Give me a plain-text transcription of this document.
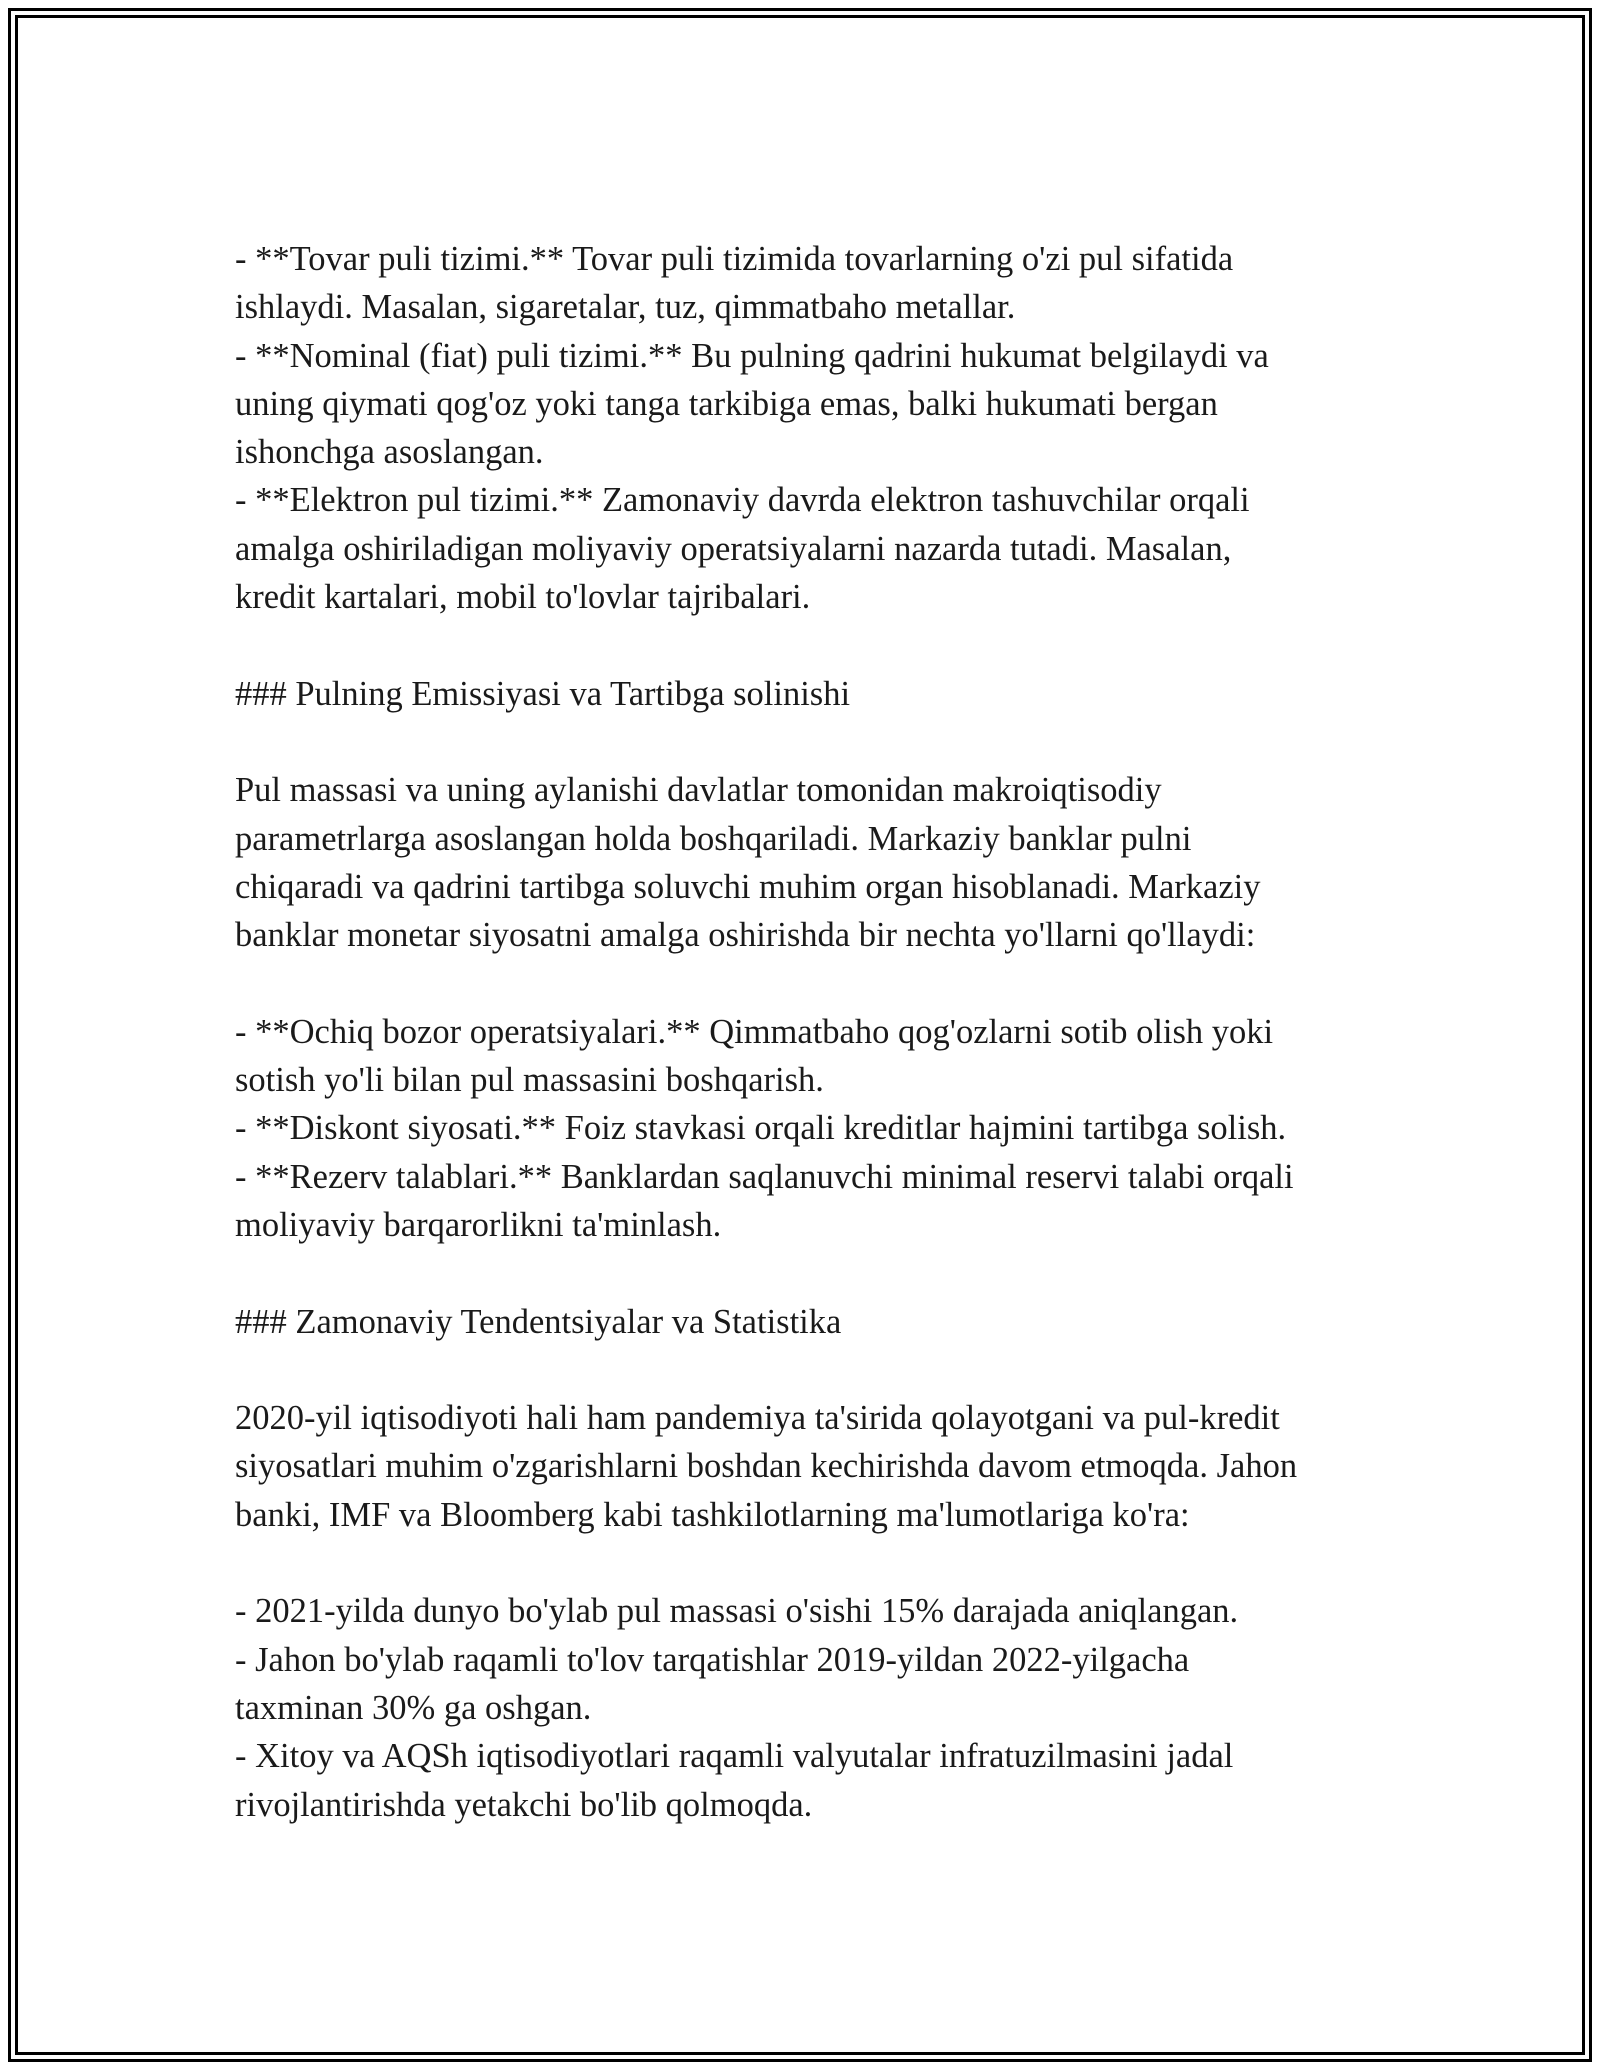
- **Tovar puli tizimi.** Tovar puli tizimida tovarlarning o'zi pul sifatida
ishlaydi. Masalan, sigaretalar, tuz, qimmatbaho metallar.
- **Nominal (fiat) puli tizimi.** Bu pulning qadrini hukumat belgilaydi va
uning qiymati qog'oz yoki tanga tarkibiga emas, balki hukumati bergan
ishonchga asoslangan.
- **Elektron pul tizimi.** Zamonaviy davrda elektron tashuvchilar orqali
amalga oshiriladigan moliyaviy operatsiyalarni nazarda tutadi. Masalan,
kredit kartalari, mobil to'lovlar tajribalari.
### Pulning Emissiyasi va Tartibga solinishi
Pul massasi va uning aylanishi davlatlar tomonidan makroiqtisodiy
parametrlarga asoslangan holda boshqariladi. Markaziy banklar pulni
chiqaradi va qadrini tartibga soluvchi muhim organ hisoblanadi. Markaziy
banklar monetar siyosatni amalga oshirishda bir nechta yo'llarni qo'llaydi:
- **Ochiq bozor operatsiyalari.** Qimmatbaho qog'ozlarni sotib olish yoki
sotish yo'li bilan pul massasini boshqarish.
- **Diskont siyosati.** Foiz stavkasi orqali kreditlar hajmini tartibga solish.
- **Rezerv talablari.** Banklardan saqlanuvchi minimal reservi talabi orqali
moliyaviy barqarorlikni ta'minlash.
### Zamonaviy Tendentsiyalar va Statistika
2020-yil iqtisodiyoti hali ham pandemiya ta'sirida qolayotgani va pul-kredit
siyosatlari muhim o'zgarishlarni boshdan kechirishda davom etmoqda. Jahon
banki, IMF va Bloomberg kabi tashkilotlarning ma'lumotlariga ko'ra:
- 2021-yilda dunyo bo'ylab pul massasi o'sishi 15% darajada aniqlangan.
- Jahon bo'ylab raqamli to'lov tarqatishlar 2019-yildan 2022-yilgacha
taxminan 30% ga oshgan.
- Xitoy va AQSh iqtisodiyotlari raqamli valyutalar infratuzilmasini jadal
rivojlantirishda yetakchi bo'lib qolmoqda.
